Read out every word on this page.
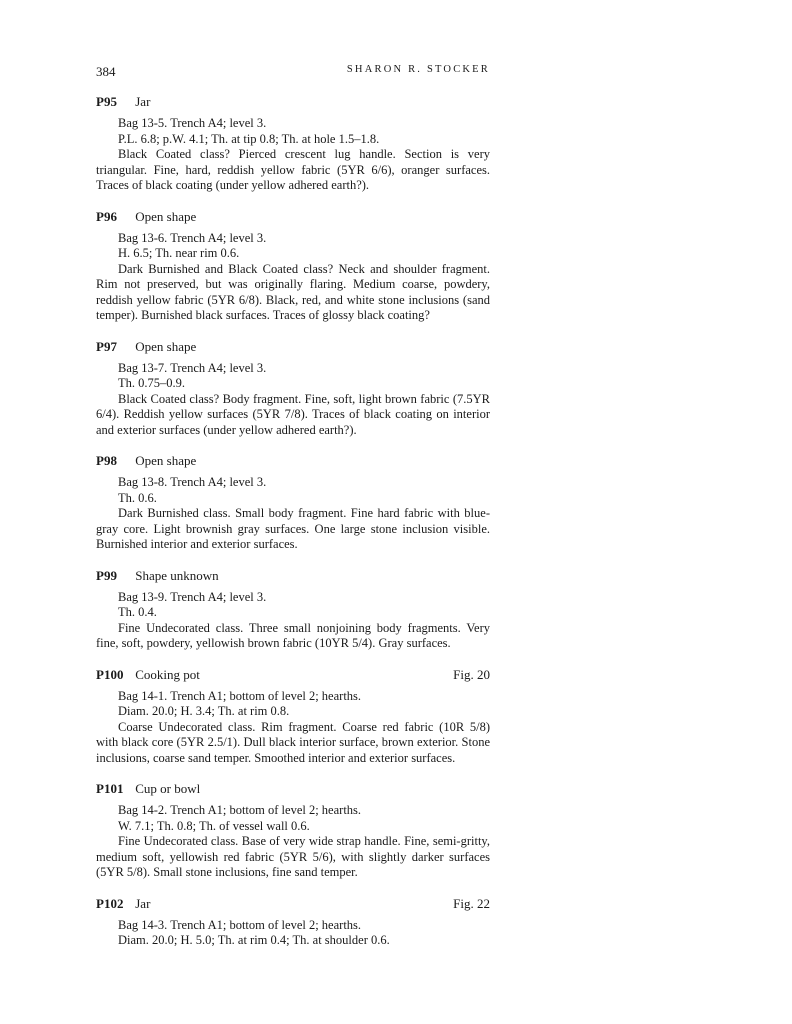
384	SHARON R. STOCKER
P95 Jar
Bag 13-5. Trench A4; level 3.
P.L. 6.8; p.W. 4.1; Th. at tip 0.8; Th. at hole 1.5–1.8.

Black Coated class? Pierced crescent lug handle. Section is very triangular. Fine, hard, reddish yellow fabric (5YR 6/6), oranger surfaces. Traces of black coating (under yellow adhered earth?).

P96 Open shape
Bag 13-6. Trench A4; level 3.
H. 6.5; Th. near rim 0.6.

Dark Burnished and Black Coated class? Neck and shoulder fragment. Rim not preserved, but was originally flaring. Medium coarse, powdery, reddish yellow fabric (5YR 6/8). Black, red, and white stone inclusions (sand temper). Burnished black surfaces. Traces of glossy black coating?

P97 Open shape
Bag 13-7. Trench A4; level 3.
Th. 0.75–0.9.

Black Coated class? Body fragment. Fine, soft, light brown fabric (7.5YR 6/4). Reddish yellow surfaces (5YR 7/8). Traces of black coating on interior and exterior surfaces (under yellow adhered earth?).

P98 Open shape
Bag 13-8. Trench A4; level 3.
Th. 0.6.

Dark Burnished class. Small body fragment. Fine hard fabric with blue-gray core. Light brownish gray surfaces. One large stone inclusion visible. Burnished interior and exterior surfaces.

P99 Shape unknown
Bag 13-9. Trench A4; level 3.
Th. 0.4.

Fine Undecorated class. Three small nonjoining body fragments. Very fine, soft, powdery, yellowish brown fabric (10YR 5/4). Gray surfaces.

P100 Cooking pot	Fig. 20
Bag 14-1. Trench A1; bottom of level 2; hearths.
Diam. 20.0; H. 3.4; Th. at rim 0.8.

Coarse Undecorated class. Rim fragment. Coarse red fabric (10R 5/8) with black core (5YR 2.5/1). Dull black interior surface, brown exterior. Stone inclusions, coarse sand temper. Smoothed interior and exterior surfaces.

P101 Cup or bowl
Bag 14-2. Trench A1; bottom of level 2; hearths.
W. 7.1; Th. 0.8; Th. of vessel wall 0.6.

Fine Undecorated class. Base of very wide strap handle. Fine, semi-gritty, medium soft, yellowish red fabric (5YR 5/6), with slightly darker surfaces (5YR 5/8). Small stone inclusions, fine sand temper.

P102 Jar	Fig. 22
Bag 14-3. Trench A1; bottom of level 2; hearths.
Diam. 20.0; H. 5.0; Th. at rim 0.4; Th. at shoulder 0.6.
